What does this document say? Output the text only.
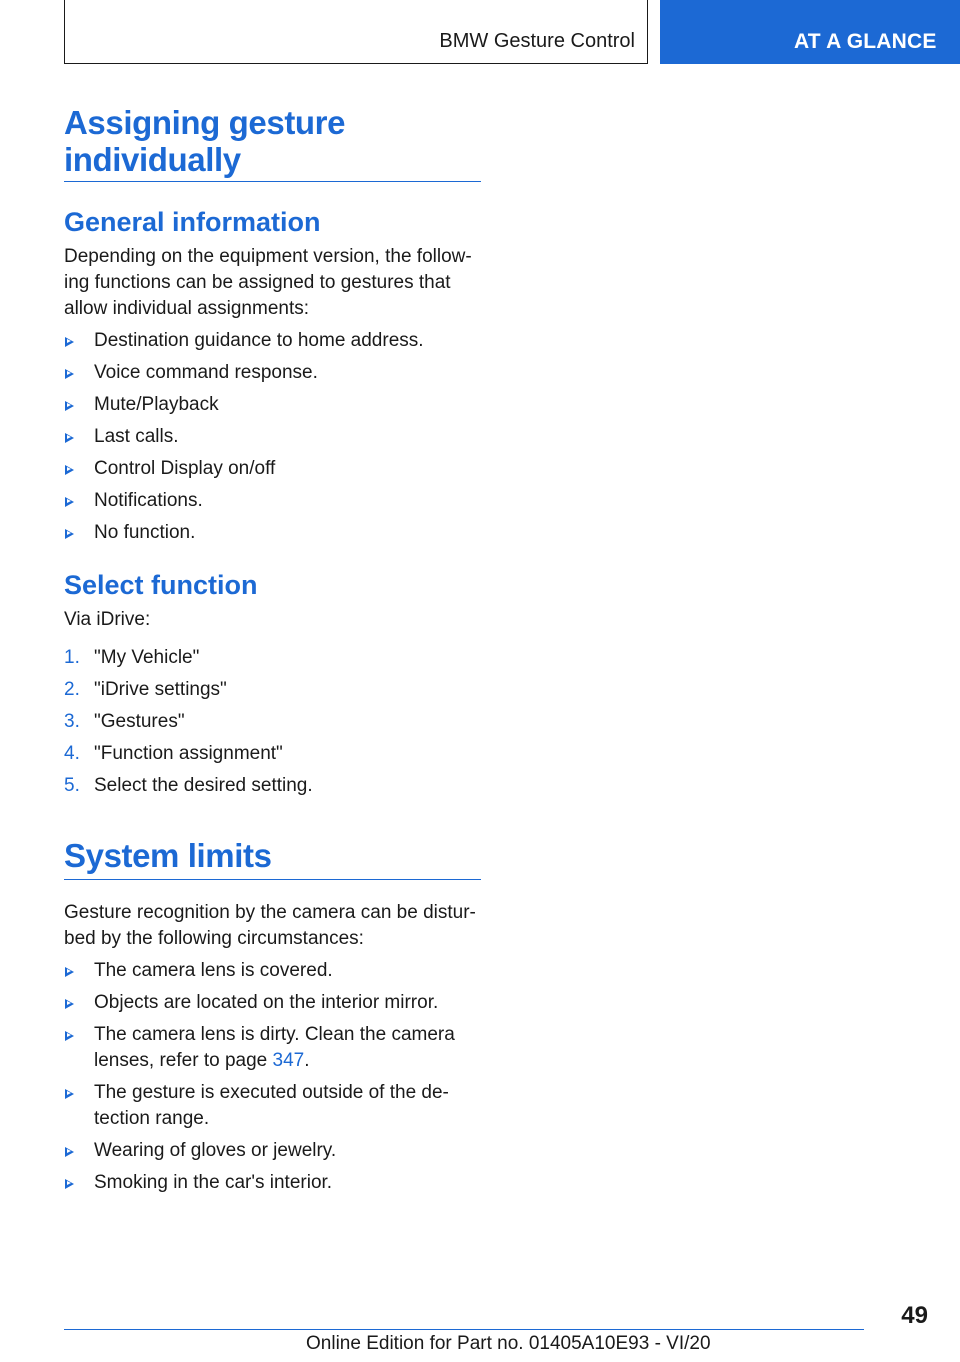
BMW Gesture Control	AT A GLANCE
Assigning gesture
individually
General information

Depending on the equipment version, the follow-ing functions can be assigned to gestures that allow individual assignments:

Destination guidance to home address.
Voice command response.
Mute/Playback
Last calls.
Control Display on/off
Notifications.
No function.
Select function

Via iDrive:

1. "My Vehicle"
2. "iDrive settings"
3. "Gestures"
4. "Function assignment"
5. Select the desired setting.
System limits

Gesture recognition by the camera can be distur-bed by the following circumstances:

The camera lens is covered.
Objects are located on the interior mirror.
The camera lens is dirty. Clean the camera lenses, refer to page 347.
The gesture is executed outside of the de-tection range.
Wearing of gloves or jewelry.
Smoking in the car's interior.
49
Online Edition for Part no. 01405A10E93 - VI/20
